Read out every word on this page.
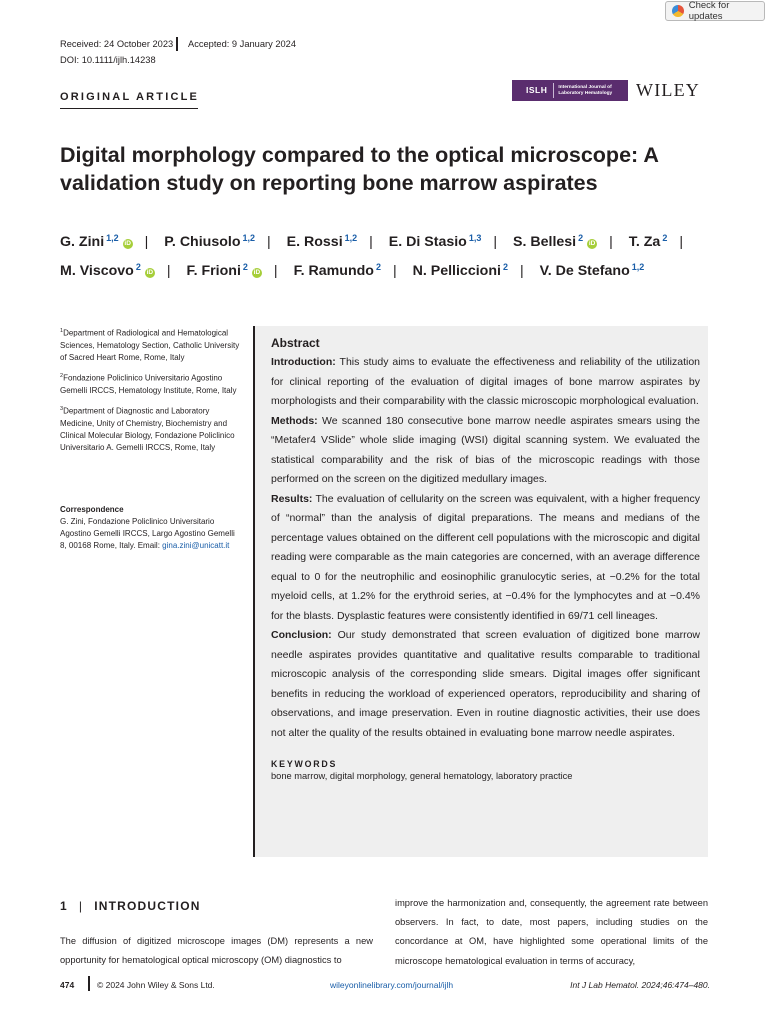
Check for updates
Received: 24 October 2023 Accepted: 9 January 2024
DOI: 10.1111/ijlh.14238
ORIGINAL ARTICLE
ISLH	International Journal of
Laboratory Hematology WILEY
Digital morphology compared to the optical microscope: A validation study on reporting bone marrow aspirates
G. Zini $^{1,2}$iD | P. Chiusolo $^{1,2}$ | E. Rossi $^{1,2}$ | E. Di Stasio $^{1,3}$ | S. Bellesi $^2$iD | T. Za $^2$ | M. Viscovo $^2$iD | F. Frioni $^2$iD | F. Ramundo $^2$ | N. Pelliccioni $^2$ | V. De Stefano $^{1,2}$

$^1$Department of Radiological and Hematological Sciences, Hematology Section, Catholic University of Sacred Heart Rome, Rome, Italy

$^2$Fondazione Policlinico Universitario Agostino Gemelli IRCCS, Hematology Institute, Rome, Italy

$^3$Department of Diagnostic and Laboratory Medicine, Unity of Chemistry, Biochemistry and Clinical Molecular Biology, Fondazione Policlinico Universitario A. Gemelli IRCCS, Rome, Italy

Correspondence
G. Zini, Fondazione Policlinico Universitario Agostino Gemelli IRCCS, Largo Agostino Gemelli 8, 00168 Rome, Italy. Email: gina.zini@unicatt.it
Abstract

Introduction: This study aims to evaluate the effectiveness and reliability of the utilization for clinical reporting of the evaluation of digital images of bone marrow aspirates by morphologists and their comparability with the classic microscopic morphological evaluation.

Methods: We scanned 180 consecutive bone marrow needle aspirates smears using the “Metafer4 VSlide” whole slide imaging (WSI) digital scanning system. We evaluated the statistical comparability and the risk of bias of the microscopic readings with those performed on the screen on the digitized medullary images.

Results: The evaluation of cellularity on the screen was equivalent, with a higher frequency of “normal” than the analysis of digital preparations. The means and medians of the percentage values obtained on the different cell populations with the microscopic and digital reading were comparable as the main categories are concerned, with an average difference equal to 0 for the neutrophilic and eosinophilic granulocytic series, at −0.2% for the total myeloid cells, at 1.2% for the erythroid series, at −0.4% for the lymphocytes and at −0.4% for the blasts. Dysplastic features were consistently identified in 69/71 cell lineages.

Conclusion: Our study demonstrated that screen evaluation of digitized bone marrow needle aspirates provides quantitative and qualitative results comparable to traditional microscopic analysis of the corresponding slide smears. Digital images offer significant benefits in reducing the workload of experienced operators, reproducibility and sharing of observations, and image preservation. Even in routine diagnostic activities, their use does not alter the quality of the results obtained in evaluating bone marrow needle aspirates.

KEYWORDS
bone marrow, digital morphology, general hematology, laboratory practice
1 | INTRODUCTION
The diffusion of digitized microscope images (DM) represents a new opportunity for hematological optical microscopy (OM) diagnostics to
improve the harmonization and, consequently, the agreement rate between observers. In fact, to date, most papers, including studies on the concordance at OM, have highlighted some operational limits of the microscope hematological evaluation in terms of accuracy,
474	© 2024 John Wiley & Sons Ltd.	wileyonlinelibrary.com/journal/ijlh	Int J Lab Hematol. 2024;46:474–480.
